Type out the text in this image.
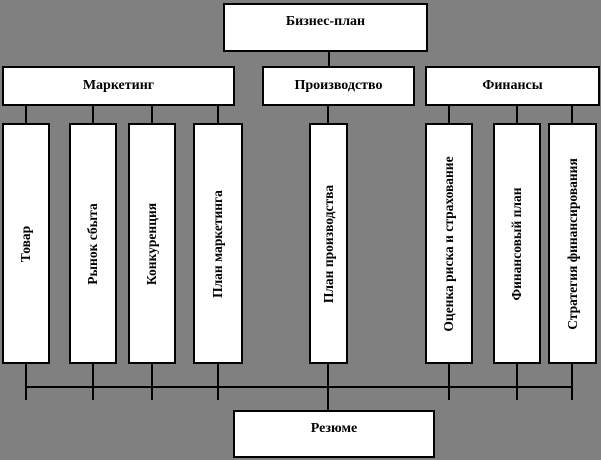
Бизнес-план
Маркетинг	Производство	Финансы
Товар	Рынок сбыта	Конкуренция	План маркетинга	План производства	Оценка риска и страхование	Финансовый план	Стратегия финансирования
Резюме
